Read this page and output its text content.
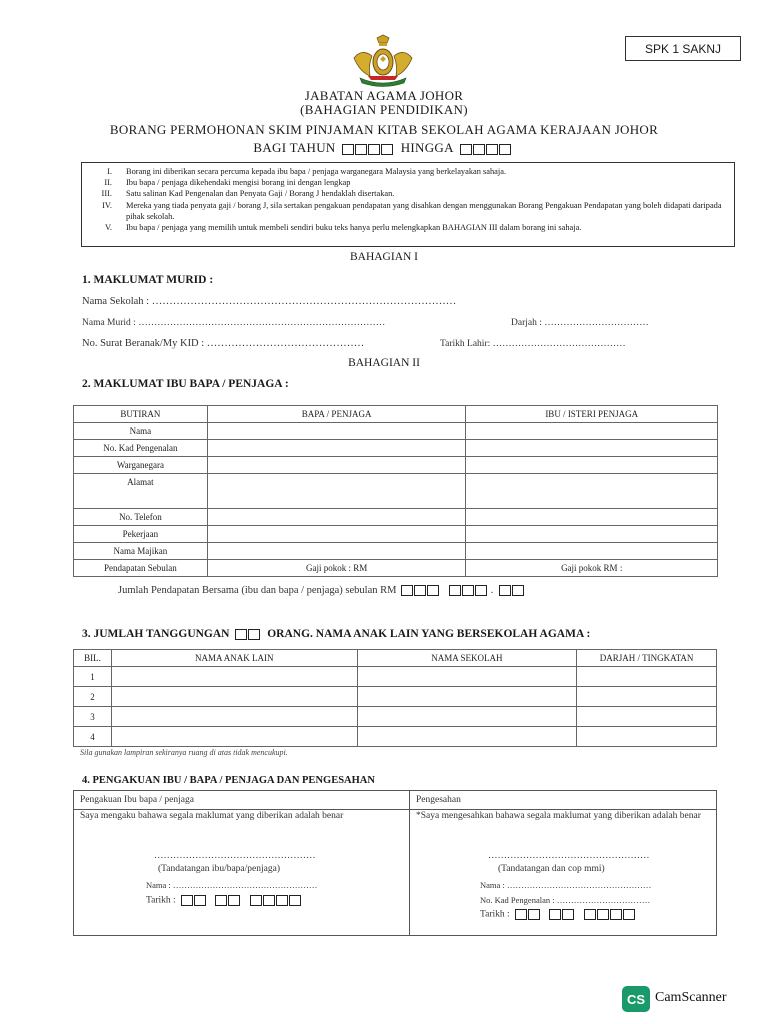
SPK 1 SAKNJ
JABATAN AGAMA JOHOR
(BAHAGIAN PENDIDIKAN)
BORANG PERMOHONAN SKIM PINJAMAN KITAB SEKOLAH AGAMA KERAJAAN JOHOR
BAGI TAHUN	HINGGA
I.	Borang ini diberikan secara percuma kepada ibu bapa / penjaga warganegara Malaysia yang berkelayakan sahaja.
II.	Ibu bapa / penjaga dikehendaki mengisi borang ini dengan lengkap
III.	Satu salinan Kad Pengenalan dan Penyata Gaji / Borang J hendaklah disertakan.
IV.	Mereka yang tiada penyata gaji / borang J, sila sertakan pengakuan pendapatan yang disahkan dengan menggunakan Borang Pengakuan Pendapatan yang boleh didapati daripada pihak sekolah.
V.	Ibu bapa / penjaga yang memilih untuk membeli sendiri buku teks hanya perlu melengkapkan BAHAGIAN III dalam borang ini sahaja.
BAHAGIAN I
1. MAKLUMAT MURID :
Nama Sekolah : ……………………………………………………………………………
Nama Murid : ……………………………………………………………………	Darjah : ……………………………
No. Surat Beranak/My KID : ………………………………………	Tarikh Lahir: ……………………………………
BAHAGIAN II
2. MAKLUMAT IBU BAPA / PENJAGA :
BUTIRAN	BAPA / PENJAGA	IBU / ISTERI PENJAGA
Nama		
No. Kad Pengenalan		
Warganegara		
Alamat		
No. Telefon		
Pekerjaan		
Nama Majikan		
Pendapatan Sebulan	Gaji pokok : RM	Gaji pokok RM :
Jumlah Pendapatan Bersama (ibu dan bapa / penjaga) sebulan RM
	.
3. JUMLAH TANGGUNGAN	ORANG. NAMA ANAK LAIN YANG BERSEKOLAH AGAMA :
BIL.	NAMA ANAK LAIN	NAMA SEKOLAH	DARJAH / TINGKATAN
1			
2			
3			
4			
Sila gunakan lampiran sekiranya ruang di atas tidak mencukupi.
4. PENGAKUAN IBU / BAPA / PENJAGA DAN PENGESAHAN
Pengakuan Ibu bapa / penjaga
Saya mengaku bahawa segala maklumat yang diberikan adalah benar
……………………………………………
(Tandatangan ibu/bapa/penjaga)
Nama : ……………………………………………
Tarikh :

Pengesahan
*Saya mengesahkan bahawa segala maklumat yang diberikan adalah benar
……………………………………………
(Tandatangan dan cop mmi)
Nama : ……………………………………………
No. Kad Pengenalan : ……………………………
Tarikh :

CS CamScanner
